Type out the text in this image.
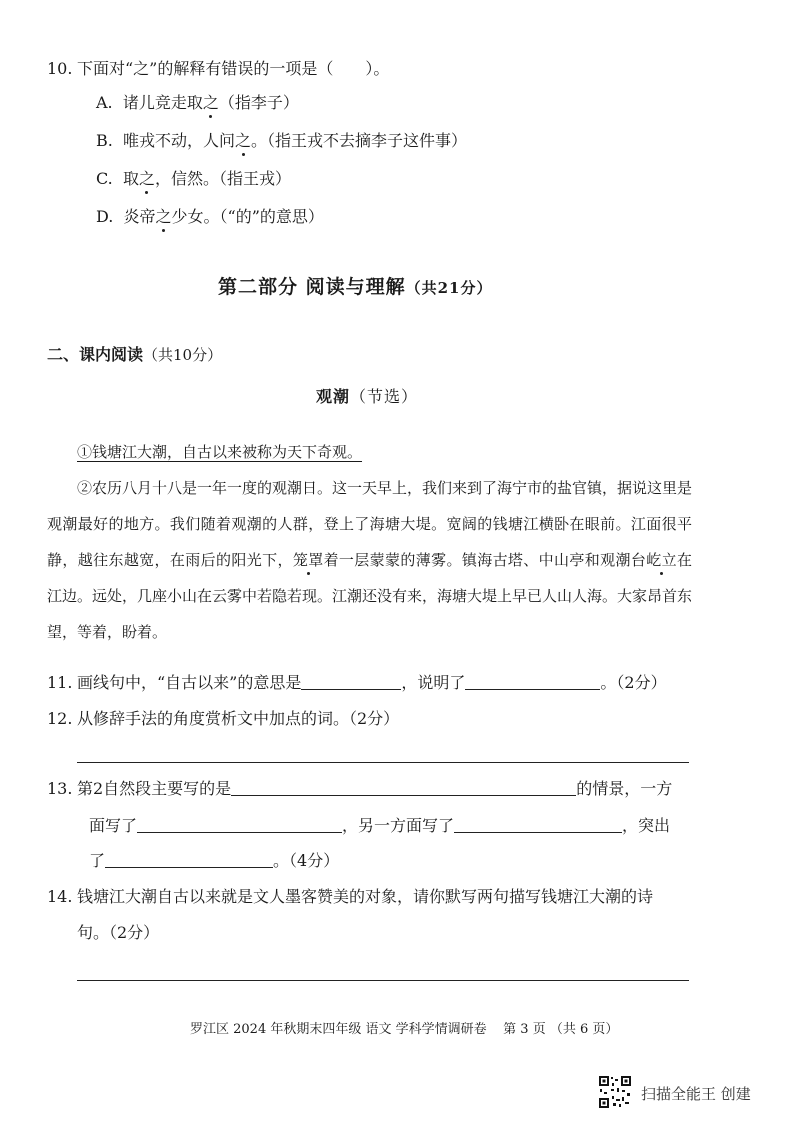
10. 下面对“之”的解释有错误的一项是（　　）。
A. 诸儿竞走取之（指李子）
B. 唯戎不动，人问之。（指王戎不去摘李子这件事）
C. 取之，信然。（指王戎）
D. 炎帝之少女。（“的”的意思）
第二部分 阅读与理解（共21分）
二、课内阅读（共10分）
观潮（节选）
①钱塘江大潮，自古以来被称为天下奇观。
②农历八月十八是一年一度的观潮日。这一天早上，我们来到了海宁市的盐官镇，据说这里是观潮最好的地方。我们随着观潮的人群，登上了海塘大堤。宽阔的钱塘江横卧在眼前。江面很平静，越往东越宽，在雨后的阳光下，笼罩着一层蒙蒙的薄雾。镇海古塔、中山亭和观潮台屹立在江边。远处，几座小山在云雾中若隐若现。江潮还没有来，海塘大堤上早已人山人海。大家昂首东望，等着，盼着。
11. 画线句中，“自古以来”的意思是	，说明了	。（2分）
12. 从修辞手法的角度赏析文中加点的词。（2分）
13. 第2自然段主要写的是	的情景，一方
面写了	，另一方面写了	，突出
了	。（4分）
14. 钱塘江大潮自古以来就是文人墨客赞美的对象，请你默写两句描写钱塘江大潮的诗
句。（2分）
罗江区 2024 年秋期末四年级 语文 学科学情调研卷 第 3 页 （共 6 页）
扫描全能王 创建
